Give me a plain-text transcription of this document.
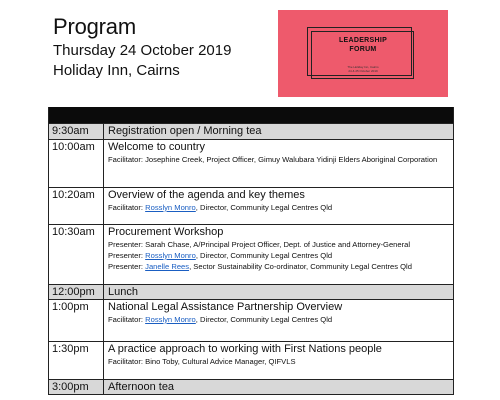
Program
Thursday 24 October 2019
Holiday Inn, Cairns
LEADERSHIP
FORUM
The Holiday Inn, Cairns
24 & 25 October 2019
9:30am	Registration open / Morning tea
10:00am	Welcome to country
Facilitator: Josephine Creek, Project Officer, Gimuy Walubara Yidinji Elders Aboriginal Corporation
10:20am	Overview of the agenda and key themes
Facilitator: Rosslyn Monro, Director, Community Legal Centres Qld
10:30am	Procurement Workshop
Presenter: Sarah Chase, A/Principal Project Officer, Dept. of Justice and Attorney-General
Presenter: Rosslyn Monro, Director, Community Legal Centres Qld
Presenter: Janelle Rees, Sector Sustainability Co-ordinator, Community Legal Centres Qld
12:00pm	Lunch
1:00pm	National Legal Assistance Partnership Overview
Facilitator: Rosslyn Monro, Director, Community Legal Centres Qld
1:30pm	A practice approach to working with First Nations people
Facilitator: Bino Toby, Cultural Advice Manager, QIFVLS
3:00pm	Afternoon tea
